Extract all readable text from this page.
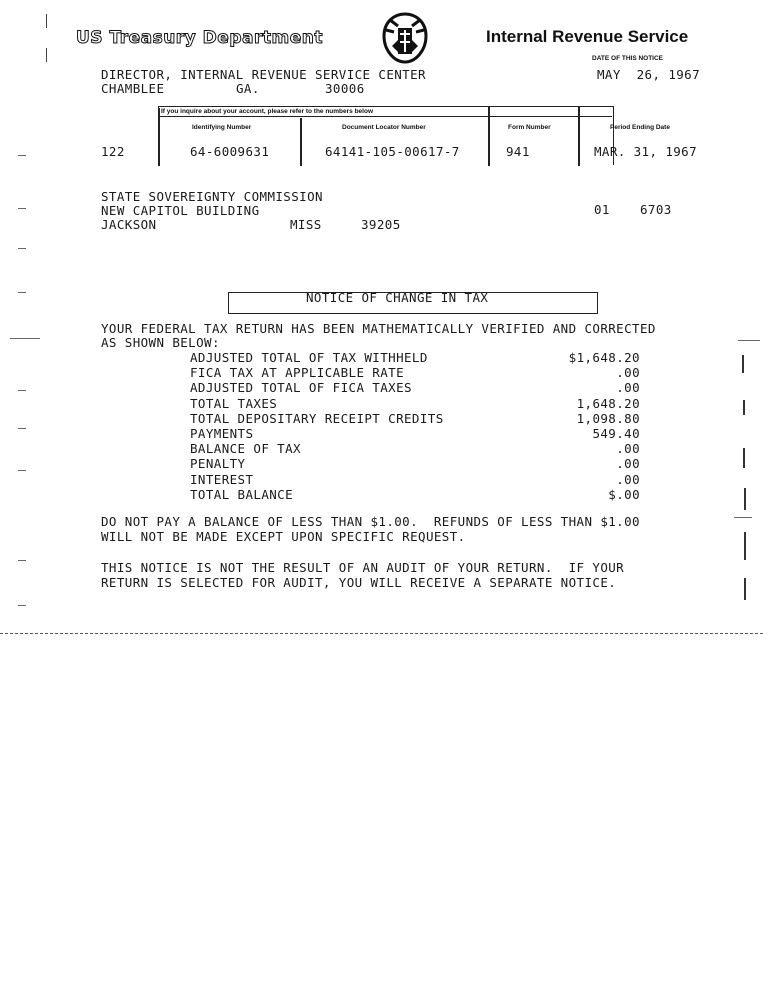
US Treasury Department	Internal Revenue Service
DATE OF THIS NOTICE
MAY  26, 1967
DIRECTOR, INTERNAL REVENUE SERVICE CENTER
CHAMBLEE	GA.	30006
If you inquire about your account, please refer to the numbers below
Identifying Number	Document Locator Number	Form Number	Period Ending Date
122	64-6009631	64141-105-00617-7	941	MAR. 31, 1967
STATE SOVEREIGNTY COMMISSION
NEW CAPITOL BUILDING
JACKSON	MISS	39205
01 6703
NOTICE OF CHANGE IN TAX
YOUR FEDERAL TAX RETURN HAS BEEN MATHEMATICALLY VERIFIED AND CORRECTED
AS SHOWN BELOW:
ADJUSTED TOTAL OF TAX WITHHELD	$1,648.20
FICA TAX AT APPLICABLE RATE	.00
ADJUSTED TOTAL OF FICA TAXES	.00
TOTAL TAXES	1,648.20
TOTAL DEPOSITARY RECEIPT CREDITS	1,098.80
PAYMENTS	549.40
BALANCE OF TAX	.00
PENALTY	.00
INTEREST	.00
TOTAL BALANCE	$.00
DO NOT PAY A BALANCE OF LESS THAN $1.00.  REFUNDS OF LESS THAN $1.00
WILL NOT BE MADE EXCEPT UPON SPECIFIC REQUEST.
THIS NOTICE IS NOT THE RESULT OF AN AUDIT OF YOUR RETURN.  IF YOUR
RETURN IS SELECTED FOR AUDIT, YOU WILL RECEIVE A SEPARATE NOTICE.
